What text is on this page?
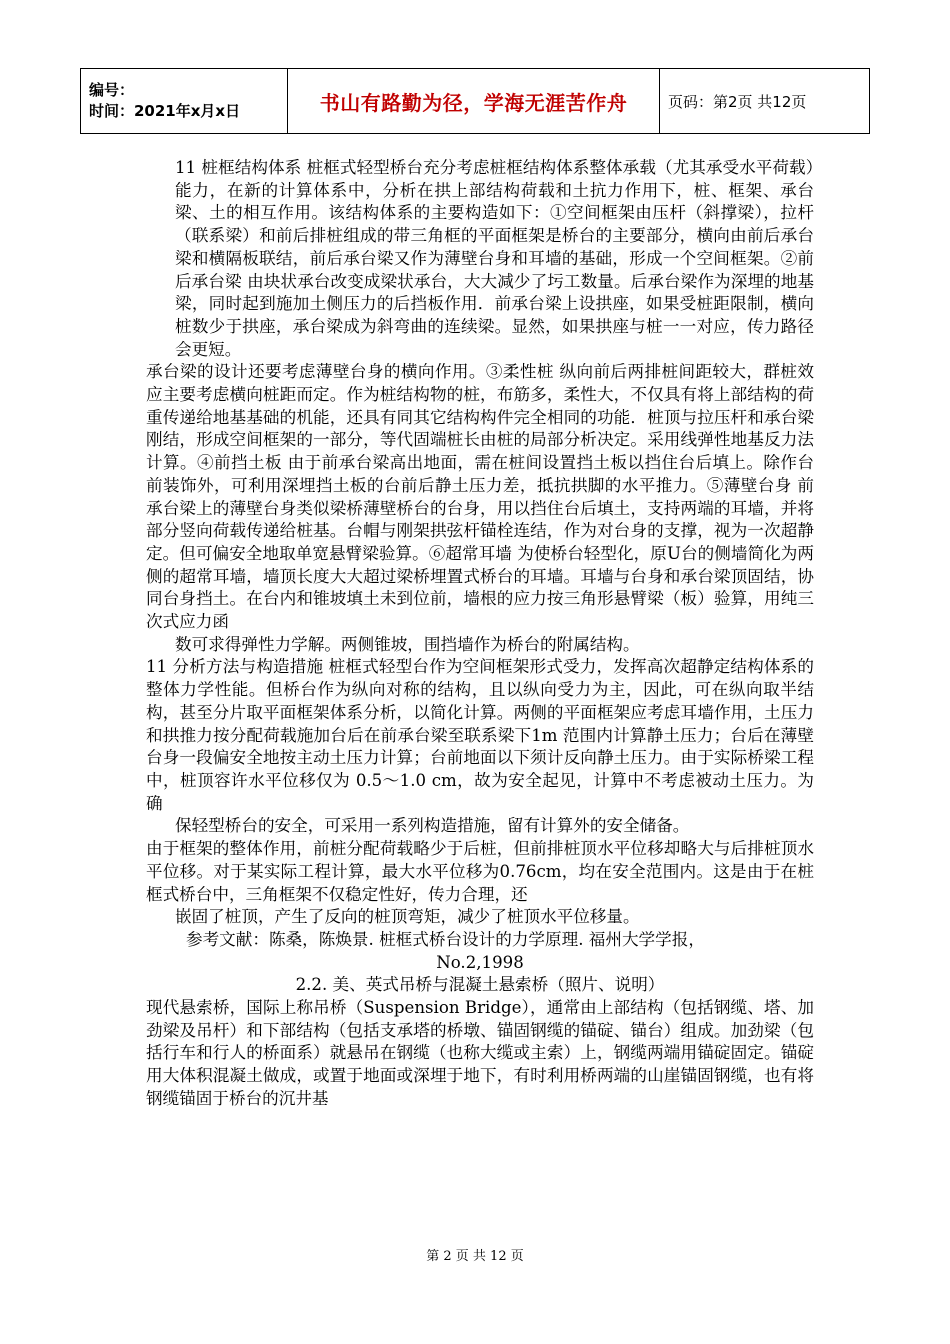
编号：
时间：2021年x月x日	书山有路勤为径，学海无涯苦作舟	页码：第2页 共12页

11 桩框结构体系 桩框式轻型桥台充分考虑桩框结构体系整体承载（尤其承受水平荷载）能力，在新的计算体系中，分析在拱上部结构荷载和土抗力作用下，桩、框架、承台梁、土的相互作用。该结构体系的主要构造如下：①空间框架由压杆（斜撑梁），拉杆（联系梁）和前后排桩组成的带三角框的平面框架是桥台的主要部分，横向由前后承台梁和横隔板联结，前后承台梁又作为薄壁台身和耳墙的基础，形成一个空间框架。②前后承台梁 由块状承台改变成梁状承台，大大减少了圬工数量。后承台梁作为深埋的地基梁，同时起到施加土侧压力的后挡板作用．前承台梁上设拱座，如果受桩距限制，横向桩数少于拱座，承台梁成为斜弯曲的连续梁。显然，如果拱座与桩一一对应，传力路径会更短。

承台梁的设计还要考虑薄壁台身的横向作用。③柔性桩 纵向前后两排桩间距较大，群桩效应主要考虑横向桩距而定。作为桩结构物的桩，布筋多，柔性大，不仅具有将上部结构的荷重传递给地基基础的机能，还具有同其它结构构件完全相同的功能．桩顶与拉压杆和承台梁刚结，形成空间框架的一部分，等代固端桩长由桩的局部分析决定。采用线弹性地基反力法计算。④前挡土板 由于前承台梁高出地面，需在桩间设置挡土板以挡住台后填上。除作台前装饰外，可利用深埋挡土板的台前后静土压力差，抵抗拱脚的水平推力。⑤薄壁台身 前承台梁上的薄壁台身类似梁桥薄壁桥台的台身，用以挡住台后填土，支持两端的耳墙，并将部分竖向荷载传递给桩基。台帽与刚架拱弦杆锚栓连结，作为对台身的支撑，视为一次超静定。但可偏安全地取单宽悬臂梁验算。⑥超常耳墙 为使桥台轻型化，原U台的侧墙简化为两侧的超常耳墙，墙顶长度大大超过梁桥埋置式桥台的耳墙。耳墙与台身和承台梁顶固结，协同台身挡土。在台内和锥坡填土未到位前，墙根的应力按三角形悬臂梁（板）验算，用纯三次式应力函

数可求得弹性力学解。两侧锥坡，围挡墙作为桥台的附属结构。

11 分析方法与构造措施 桩框式轻型台作为空间框架形式受力，发挥高次超静定结构体系的整体力学性能。但桥台作为纵向对称的结构，且以纵向受力为主，因此，可在纵向取半结构，甚至分片取平面框架体系分析，以简化计算。两侧的平面框架应考虑耳墙作用，土压力和拱推力按分配荷载施加台后在前承台梁至联系梁下1m 范围内计算静土压力；台后在薄壁台身一段偏安全地按主动土压力计算；台前地面以下须计反向静土压力。由于实际桥梁工程中，桩顶容许水平位移仅为 0.5～1.0 cm，故为安全起见，计算中不考虑被动土压力。为确

保轻型桥台的安全，可采用一系列构造措施，留有计算外的安全储备。

由于框架的整体作用，前桩分配荷载略少于后桩，但前排桩顶水平位移却略大与后排桩顶水平位移。对于某实际工程计算，最大水平位移为0.76cm，均在安全范围内。这是由于在桩框式桥台中，三角框架不仅稳定性好，传力合理，还

嵌固了桩顶，产生了反向的桩顶弯矩，减少了桩顶水平位移量。

参考文献：陈桑，陈焕景. 桩框式桥台设计的力学原理. 福州大学学报，

No.2,1998

2.2. 美、英式吊桥与混凝土悬索桥（照片、说明）

现代悬索桥，国际上称吊桥（Suspension Bridge），通常由上部结构（包括钢缆、塔、加劲梁及吊杆）和下部结构（包括支承塔的桥墩、锚固钢缆的锚碇、锚台）组成。加劲梁（包括行车和行人的桥面系）就悬吊在钢缆（也称大缆或主索）上，钢缆两端用锚碇固定。锚碇用大体积混凝土做成，或置于地面或深埋于地下，有时利用桥两端的山崖锚固钢缆，也有将钢缆锚固于桥台的沉井基

第 2 页 共 12 页
